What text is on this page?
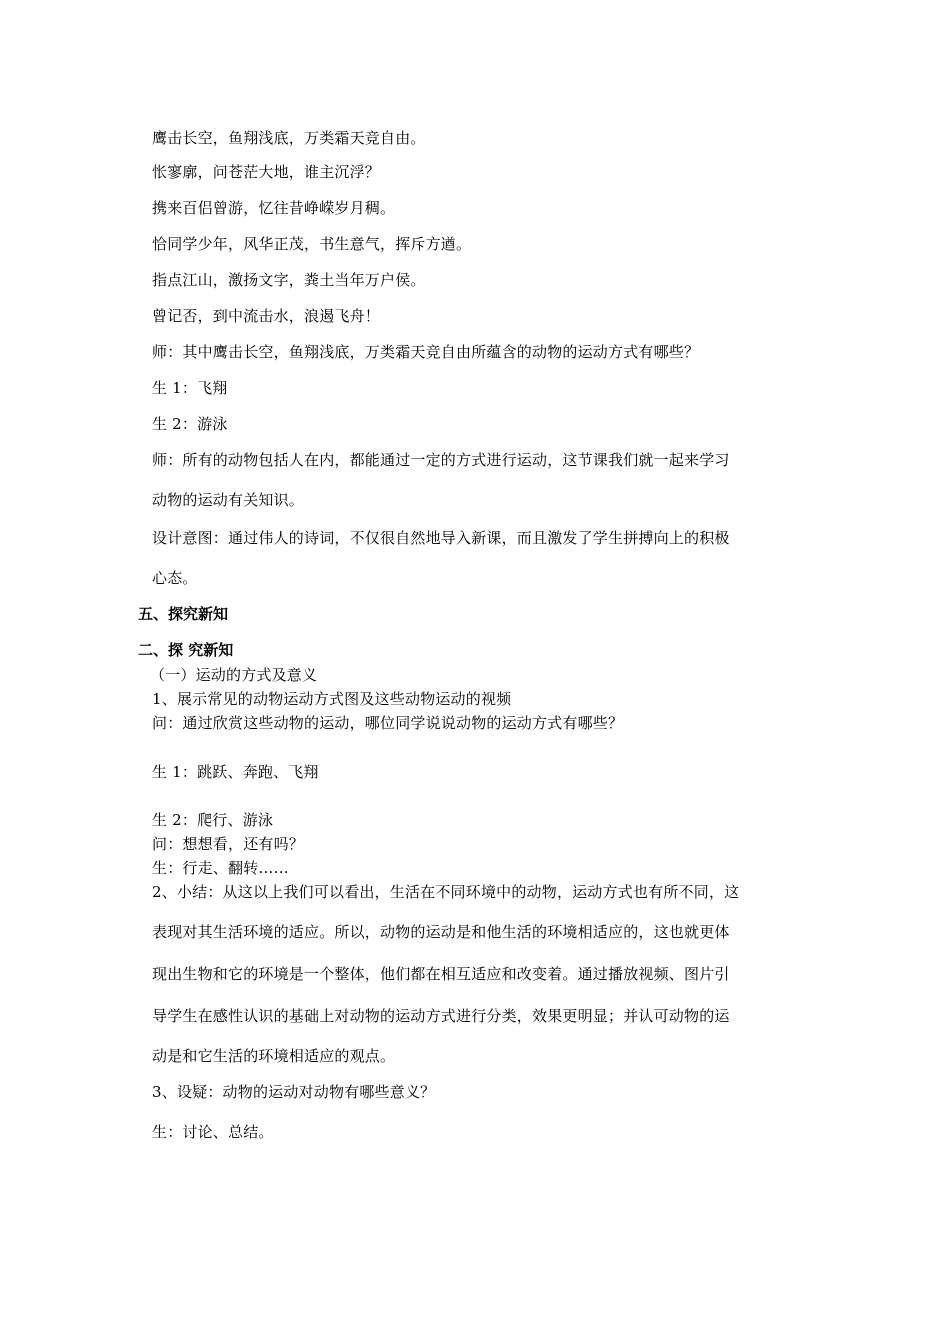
鹰击长空，鱼翔浅底，万类霜天竞自由。
怅寥廓，问苍茫大地，谁主沉浮？
携来百侣曾游，忆往昔峥嵘岁月稠。
恰同学少年，风华正茂，书生意气，挥斥方遒。
指点江山，激扬文字，粪土当年万户侯。
曾记否，到中流击水，浪遏飞舟！
师：其中鹰击长空，鱼翔浅底，万类霜天竞自由所蕴含的动物的运动方式有哪些？
生 1：飞翔
生 2：游泳
师：所有的动物包括人在内，都能通过一定的方式进行运动，这节课我们就一起来学习
动物的运动有关知识。
设计意图：通过伟人的诗词，不仅很自然地导入新课，而且激发了学生拼搏向上的积极
心态。
五、探究新知
二、探 究新知
（一）运动的方式及意义
1、展示常见的动物运动方式图及这些动物运动的视频
问：通过欣赏这些动物的运动，哪位同学说说动物的运动方式有哪些？
生 1：跳跃、奔跑、飞翔
生 2：爬行、游泳
问：想想看，还有吗？
生：行走、翻转……
2、小结：从这以上我们可以看出，生活在不同环境中的动物，运动方式也有所不同，这
表现对其生活环境的适应。所以，动物的运动是和他生活的环境相适应的，这也就更体
现出生物和它的环境是一个整体，他们都在相互适应和改变着。通过播放视频、图片引
导学生在感性认识的基础上对动物的运动方式进行分类，效果更明显；并认可动物的运
动是和它生活的环境相适应的观点。
3、设疑：动物的运动对动物有哪些意义？
生：讨论、总结。
